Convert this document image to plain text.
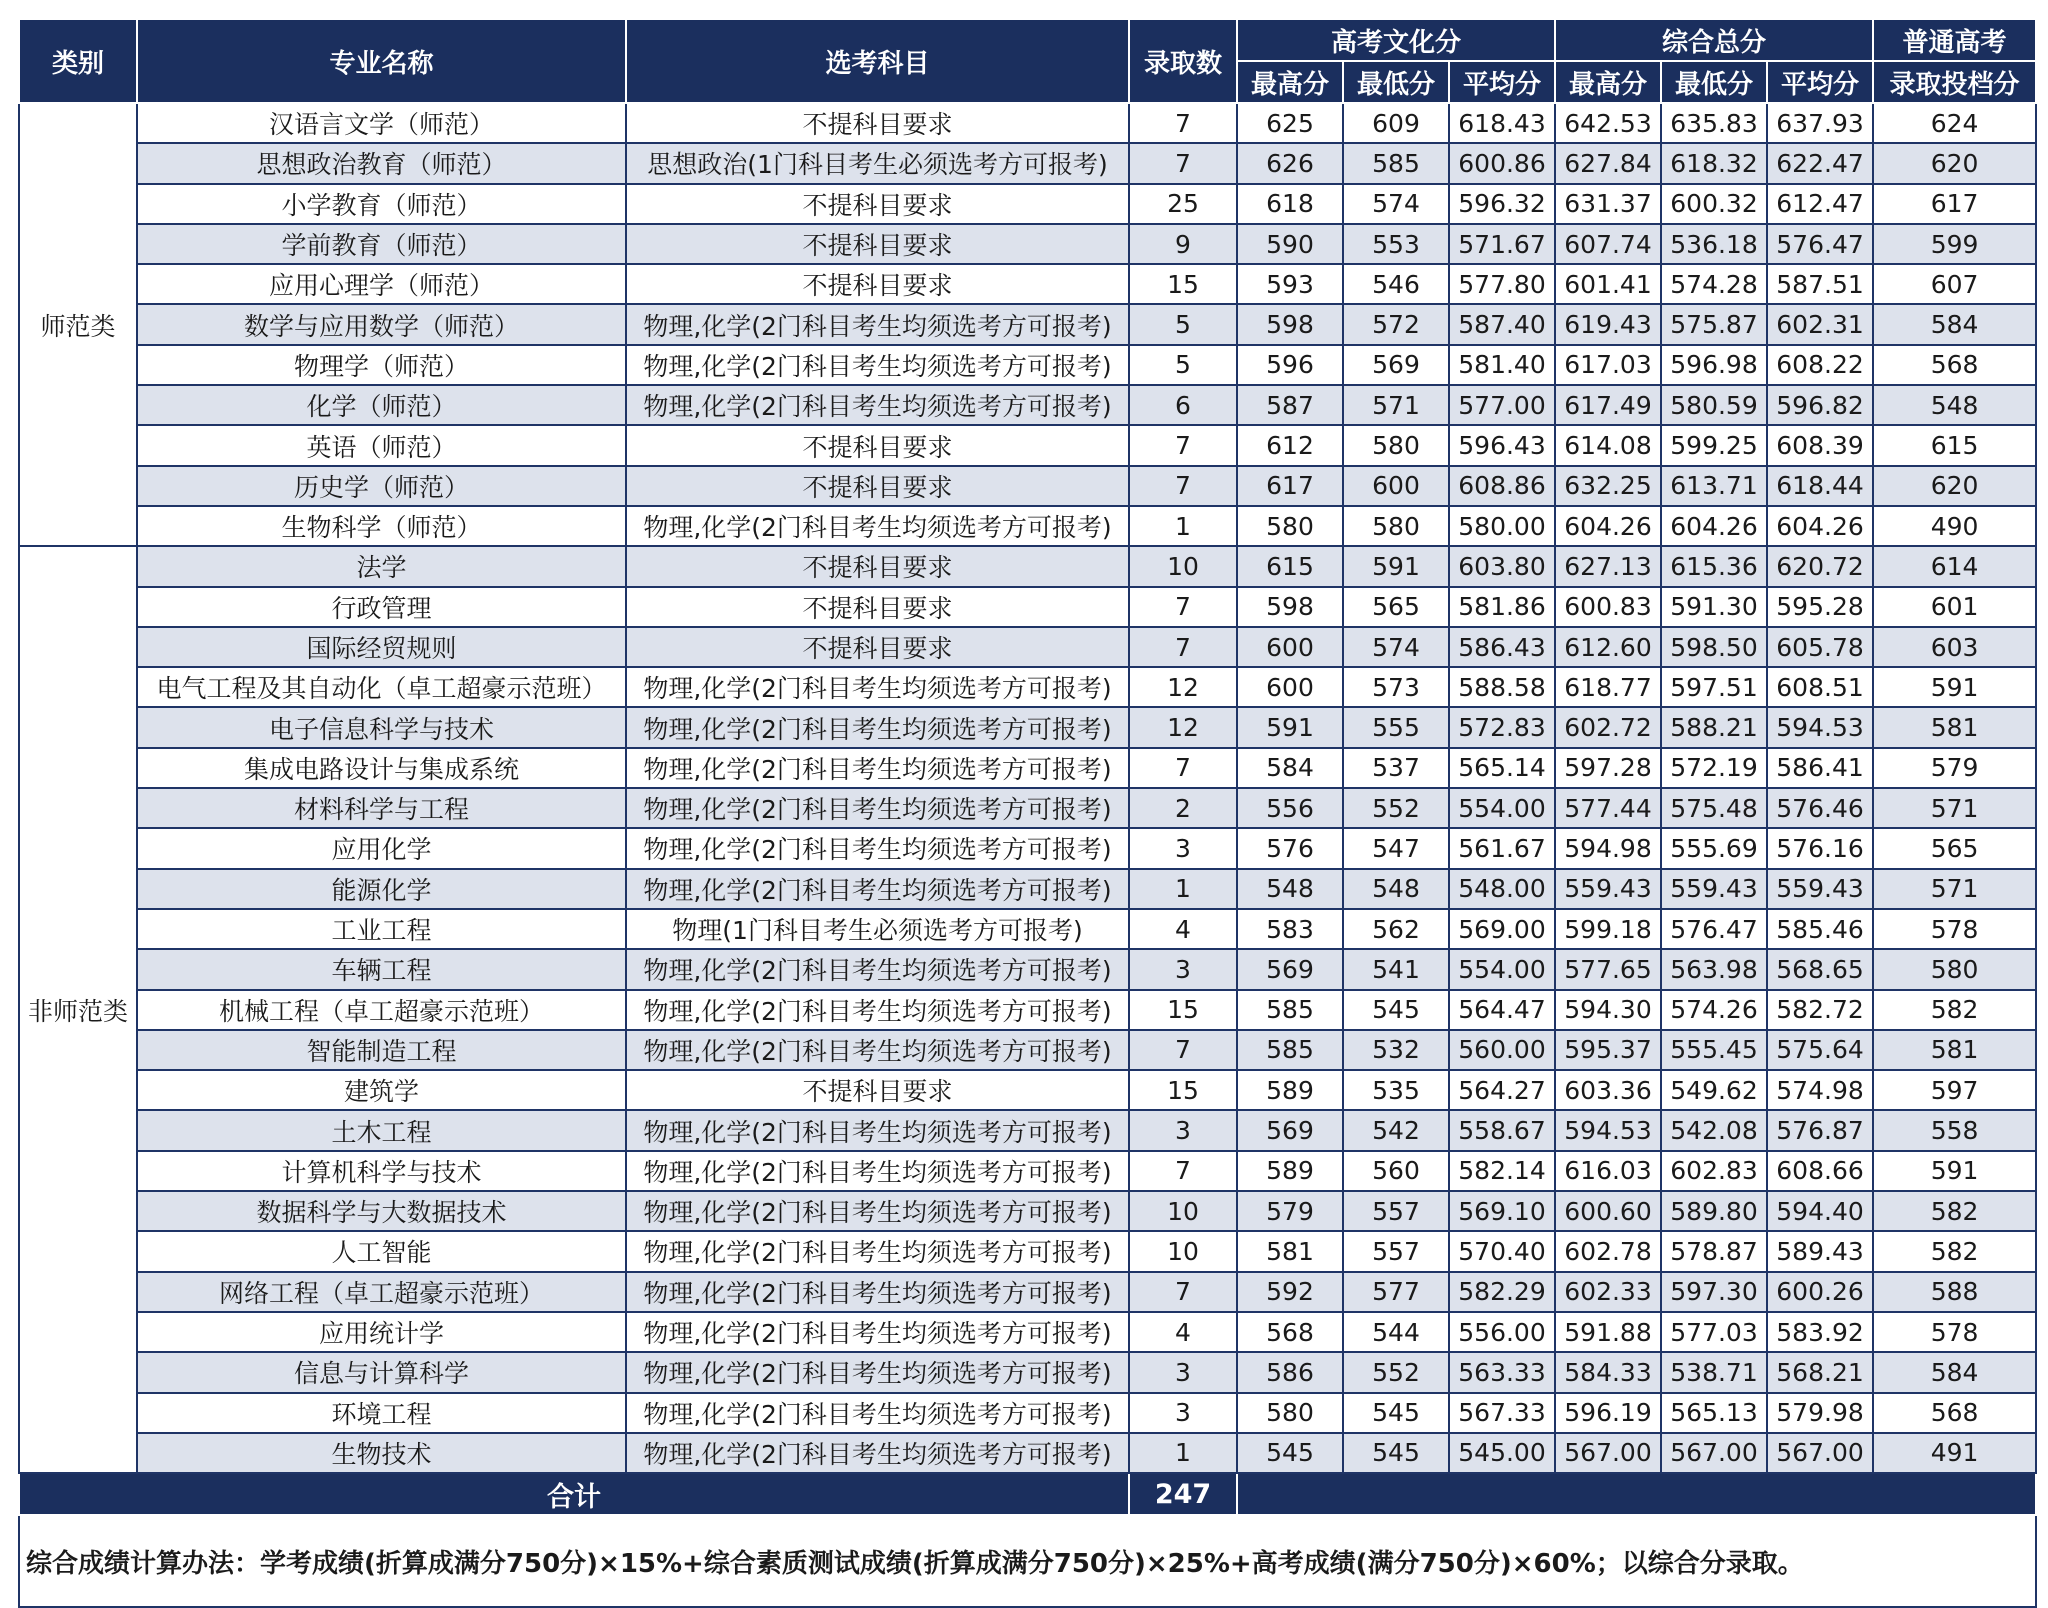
类别	专业名称	选考科目	录取数	高考文化分			综合总分			普通高考
				最高分	最低分	平均分	最高分	最低分	平均分	录取投档分
师范类	汉语言文学（师范）	不提科目要求	7	625	609	618.43	642.53	635.83	637.93	624
	思想政治教育（师范）	思想政治(1门科目考生必须选考方可报考)	7	626	585	600.86	627.84	618.32	622.47	620
	小学教育（师范）	不提科目要求	25	618	574	596.32	631.37	600.32	612.47	617
	学前教育（师范）	不提科目要求	9	590	553	571.67	607.74	536.18	576.47	599
	应用心理学（师范）	不提科目要求	15	593	546	577.80	601.41	574.28	587.51	607
	数学与应用数学（师范）	物理,化学(2门科目考生均须选考方可报考)	5	598	572	587.40	619.43	575.87	602.31	584
	物理学（师范）	物理,化学(2门科目考生均须选考方可报考)	5	596	569	581.40	617.03	596.98	608.22	568
	化学（师范）	物理,化学(2门科目考生均须选考方可报考)	6	587	571	577.00	617.49	580.59	596.82	548
	英语（师范）	不提科目要求	7	612	580	596.43	614.08	599.25	608.39	615
	历史学（师范）	不提科目要求	7	617	600	608.86	632.25	613.71	618.44	620
	生物科学（师范）	物理,化学(2门科目考生均须选考方可报考)	1	580	580	580.00	604.26	604.26	604.26	490
非师范类	法学	不提科目要求	10	615	591	603.80	627.13	615.36	620.72	614
	行政管理	不提科目要求	7	598	565	581.86	600.83	591.30	595.28	601
	国际经贸规则	不提科目要求	7	600	574	586.43	612.60	598.50	605.78	603
	电气工程及其自动化（卓工超豪示范班）	物理,化学(2门科目考生均须选考方可报考)	12	600	573	588.58	618.77	597.51	608.51	591
	电子信息科学与技术	物理,化学(2门科目考生均须选考方可报考)	12	591	555	572.83	602.72	588.21	594.53	581
	集成电路设计与集成系统	物理,化学(2门科目考生均须选考方可报考)	7	584	537	565.14	597.28	572.19	586.41	579
	材料科学与工程	物理,化学(2门科目考生均须选考方可报考)	2	556	552	554.00	577.44	575.48	576.46	571
	应用化学	物理,化学(2门科目考生均须选考方可报考)	3	576	547	561.67	594.98	555.69	576.16	565
	能源化学	物理,化学(2门科目考生均须选考方可报考)	1	548	548	548.00	559.43	559.43	559.43	571
	工业工程	物理(1门科目考生必须选考方可报考)	4	583	562	569.00	599.18	576.47	585.46	578
	车辆工程	物理,化学(2门科目考生均须选考方可报考)	3	569	541	554.00	577.65	563.98	568.65	580
	机械工程（卓工超豪示范班）	物理,化学(2门科目考生均须选考方可报考)	15	585	545	564.47	594.30	574.26	582.72	582
	智能制造工程	物理,化学(2门科目考生均须选考方可报考)	7	585	532	560.00	595.37	555.45	575.64	581
	建筑学	不提科目要求	15	589	535	564.27	603.36	549.62	574.98	597
	土木工程	物理,化学(2门科目考生均须选考方可报考)	3	569	542	558.67	594.53	542.08	576.87	558
	计算机科学与技术	物理,化学(2门科目考生均须选考方可报考)	7	589	560	582.14	616.03	602.83	608.66	591
	数据科学与大数据技术	物理,化学(2门科目考生均须选考方可报考)	10	579	557	569.10	600.60	589.80	594.40	582
	人工智能	物理,化学(2门科目考生均须选考方可报考)	10	581	557	570.40	602.78	578.87	589.43	582
	网络工程（卓工超豪示范班）	物理,化学(2门科目考生均须选考方可报考)	7	592	577	582.29	602.33	597.30	600.26	588
	应用统计学	物理,化学(2门科目考生均须选考方可报考)	4	568	544	556.00	591.88	577.03	583.92	578
	信息与计算科学	物理,化学(2门科目考生均须选考方可报考)	3	586	552	563.33	584.33	538.71	568.21	584
	环境工程	物理,化学(2门科目考生均须选考方可报考)	3	580	545	567.33	596.19	565.13	579.98	568
	生物技术	物理,化学(2门科目考生均须选考方可报考)	1	545	545	545.00	567.00	567.00	567.00	491
合计			247							
综合成绩计算办法：学考成绩(折算成满分750分)×15%+综合素质测试成绩(折算成满分750分)×25%+高考成绩(满分750分)×60%；以综合分录取。										
